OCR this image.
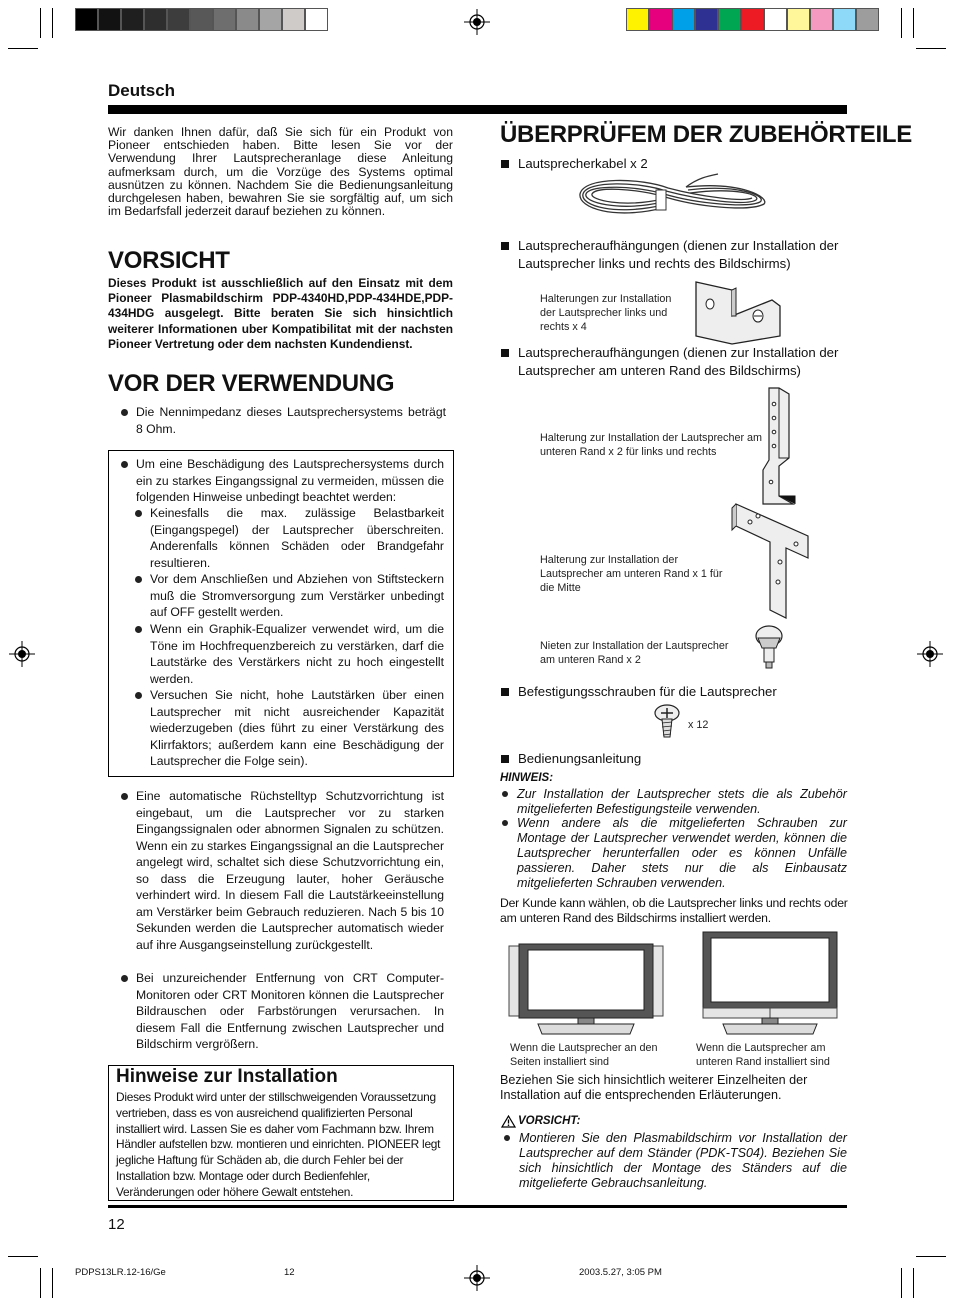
Deutsch
Wir danken Ihnen dafür, daß Sie sich für ein Produkt von Pioneer entschieden haben. Bitte lesen Sie vor der Verwendung Ihrer Lautsprecheranlage diese Anleitung aufmerksam durch, um die Vorzüge des Systems optimal ausnützen zu können. Nachdem Sie die Bedienungsanleitung durchgelesen haben, bewahren Sie sie sorgfältig auf, um sich im Bedarfsfall jederzeit darauf beziehen zu können.
VORSICHT
Dieses Produkt ist ausschließlich auf den Einsatz mit dem Pioneer Plasmabildschirm PDP-4340HD,PDP-434HDE,PDP-434HDG ausgelegt. Bitte beraten Sie sich hinsichtlich weiterer Informationen uber Kompatibilitat mit der nachsten Pioneer Vertretung oder dem nachsten Kundendienst.
VOR DER VERWENDUNG
Die Nennimpedanz dieses Lautsprechersystems beträgt 8 Ohm.
Um eine Beschädigung des Lautsprechersystems durch ein zu starkes Eingangssignal zu vermeiden, müssen die folgenden Hinweise unbedingt beachtet werden:
Keinesfalls die max. zulässige Belastbarkeit (Eingangspegel) der Lautsprecher überschreiten. Anderenfalls können Schäden oder Brandgefahr resultieren.
Vor dem Anschließen und Abziehen von Stiftsteckern muß die Stromversorgung zum Verstärker unbedingt auf OFF gestellt werden.
Wenn ein Graphik-Equalizer verwendet wird, um die Töne im Hochfrequenzbereich zu verstärken, darf die Lautstärke des Verstärkers nicht zu hoch eingestellt werden.
Versuchen Sie nicht, hohe Lautstärken über einen Lautsprecher mit nicht ausreichender Kapazität wiederzugeben (dies führt zu einer Verstärkung des Klirrfaktors; außerdem kann eine Beschädigung der Lautsprecher die Folge sein).
Eine automatische Rüchstelltyp Schutzvorrichtung ist eingebaut, um die Lautsprecher vor zu starken Eingangssignalen oder abnormen Signalen zu schützen. Wenn ein zu starkes Eingangssignal an die Lautsprecher angelegt wird, schaltet sich diese Schutzvorrichtung ein, so dass die Erzeugung lauter, hoher Geräusche verhindert wird. In diesem Fall die Lautstärkeeinstellung am Verstärker beim Gebrauch reduzieren. Nach 5 bis 10 Sekunden werden die Lautsprecher automatisch wieder auf ihre Ausgangseinstellung zurückgestellt.
Bei unzureichender Entfernung von CRT Computer-Monitoren oder CRT Monitoren können die Lautsprecher Bildrauschen oder Farbstörungen verursachen. In diesem Fall die Entfernung zwischen Lautsprecher und Bildschirm vergrößern.
Hinweise zur Installation
Dieses Produkt wird unter der stillschweigenden Voraussetzung vertrieben, dass es von ausreichend qualifizierten Personal installiert wird. Lassen Sie es daher vom Fachmann bzw. Ihrem Händler aufstellen bzw. montieren und einrichten. PIONEER legt jegliche Haftung für Schäden ab, die durch Fehler bei der Installation bzw. Montage oder durch Bedienfehler, Veränderungen oder höhere Gewalt entstehen.
ÜBERPRÜFEM DER ZUBEHÖRTEILE
Lautsprecherkabel x 2
Lautsprecheraufhängungen (dienen zur Installation der Lautsprecher links und rechts des Bildschirms)
Halterungen zur Installation der Lautsprecher links und rechts x 4
Lautsprecheraufhängungen (dienen zur Installation der Lautsprecher am unteren Rand des Bildschirms)
Halterung zur Installation der Lautsprecher am unteren Rand x 2 für links und rechts
Halterung zur Installation der Lautsprecher am unteren Rand x 1 für die Mitte
Nieten zur Installation der Lautsprecher am unteren Rand x 2
Befestigungsschrauben für die Lautsprecher
x 12
Bedienungsanleitung
HINWEIS:
Zur Installation der Lautsprecher stets die als Zubehör mitgelieferten Befestigungsteile verwenden.
Wenn andere als die mitgelieferten Schrauben zur Montage der Lautsprecher verwendet werden, können die Lautsprecher herunterfallen oder es können Unfälle passieren. Daher stets nur die als Einbausatz mitgelieferten Schrauben verwenden.
Der Kunde kann wählen, ob die Lautsprecher links und rechts oder am unteren Rand des Bildschirms installiert werden.
Wenn die Lautsprecher an den Seiten installiert sind
Wenn die Lautsprecher am unteren Rand installiert sind
Beziehen Sie sich hinsichtlich weiterer Einzelheiten der Installation auf die entsprechenden Erläuterungen.
VORSICHT:
Montieren Sie den Plasmabildschirm vor Installation der Lautsprecher auf dem Ständer (PDK-TS04). Beziehen Sie sich hinsichtlich der Montage des Ständers auf die mitgelieferte Gebrauchsanleitung.
12
PDPS13LR.12-16/Ge	12	2003.5.27, 3:05 PM
